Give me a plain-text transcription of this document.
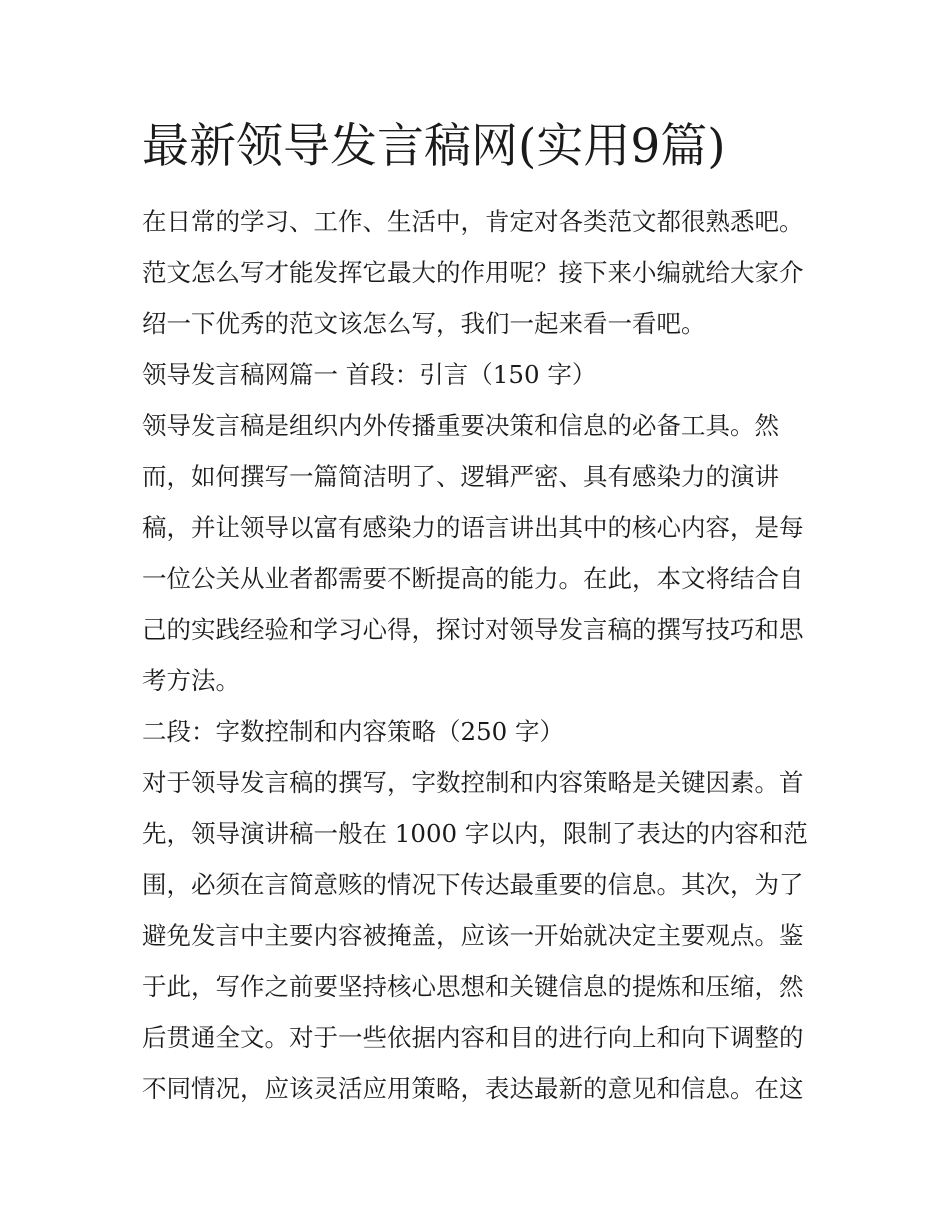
最新领导发言稿网(实用9篇)

在日常的学习、工作、生活中，肯定对各类范文都很熟悉吧。

范文怎么写才能发挥它最大的作用呢？接下来小编就给大家介

绍一下优秀的范文该怎么写，我们一起来看一看吧。

领导发言稿网篇一 首段：引言（150 字）

领导发言稿是组织内外传播重要决策和信息的必备工具。然

而，如何撰写一篇简洁明了、逻辑严密、具有感染力的演讲

稿，并让领导以富有感染力的语言讲出其中的核心内容，是每

一位公关从业者都需要不断提高的能力。在此，本文将结合自

己的实践经验和学习心得，探讨对领导发言稿的撰写技巧和思

考方法。

二段：字数控制和内容策略（250 字）

对于领导发言稿的撰写，字数控制和内容策略是关键因素。首

先，领导演讲稿一般在 1000 字以内，限制了表达的内容和范

围，必须在言简意赅的情况下传达最重要的信息。其次，为了

避免发言中主要内容被掩盖，应该一开始就决定主要观点。鉴

于此，写作之前要坚持核心思想和关键信息的提炼和压缩，然

后贯通全文。对于一些依据内容和目的进行向上和向下调整的

不同情况，应该灵活应用策略，表达最新的意见和信息。在这
